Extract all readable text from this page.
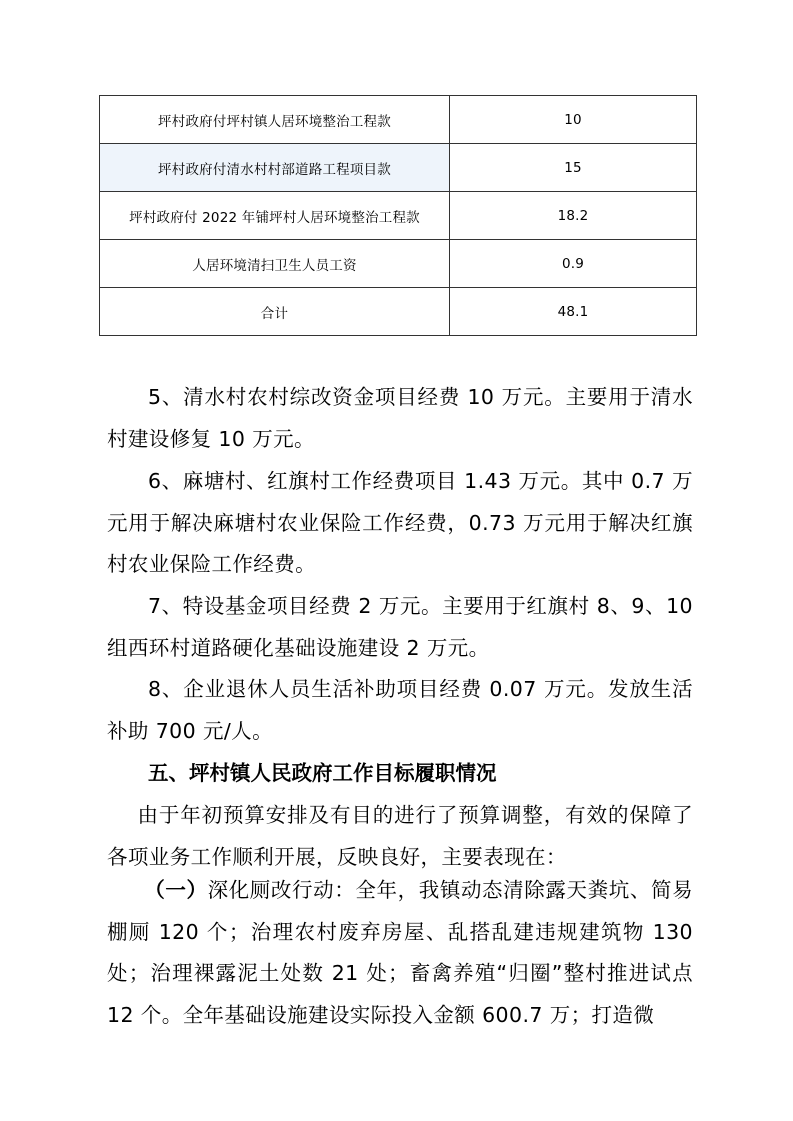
坪村政府付坪村镇人居环境整治工程款	10
坪村政府付清水村村部道路工程项目款	15
坪村政府付 2022 年铺坪村人居环境整治工程款	18.2
人居环境清扫卫生人员工资	0.9
合计	48.1

5、清水村农村综改资金项目经费 10 万元。主要用于清水村建设修复 10 万元。

6、麻塘村、红旗村工作经费项目 1.43 万元。其中 0.7 万元用于解决麻塘村农业保险工作经费，0.73 万元用于解决红旗村农业保险工作经费。

7、特设基金项目经费 2 万元。主要用于红旗村 8、9、10 组西环村道路硬化基础设施建设 2 万元。

8、企业退休人员生活补助项目经费 0.07 万元。发放生活补助 700 元/人。

五、坪村镇人民政府工作目标履职情况

由于年初预算安排及有目的进行了预算调整，有效的保障了各项业务工作顺利开展，反映良好，主要表现在：

（一）深化厕改行动：全年，我镇动态清除露天粪坑、简易棚厕 120 个；治理农村废弃房屋、乱搭乱建违规建筑物 130 处；治理裸露泥土处数 21 处；畜禽养殖“归圈”整村推进试点 12 个。全年基础设施建设实际投入金额 600.7 万；打造微
